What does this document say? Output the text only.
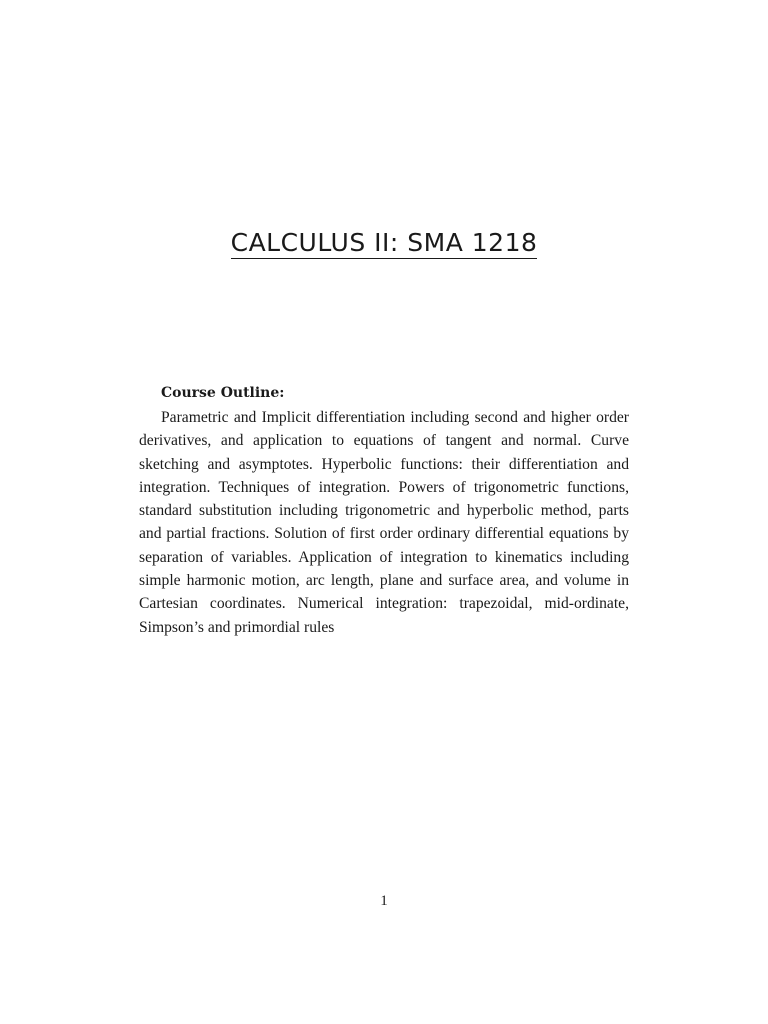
CALCULUS II: SMA 1218
Course Outline:

Parametric and Implicit differentiation including second and higher order derivatives, and application to equations of tangent and normal. Curve sketching and asymptotes. Hyperbolic functions: their differentiation and integration. Techniques of integration. Powers of trigonometric functions, standard substitution including trigonometric and hyperbolic method, parts and partial fractions. Solution of first order ordinary differential equations by separation of variables. Application of integration to kinematics including simple harmonic motion, arc length, plane and surface area, and volume in Cartesian coordinates. Numerical integration: trapezoidal, mid-ordinate, Simpson’s and primordial rules

1
